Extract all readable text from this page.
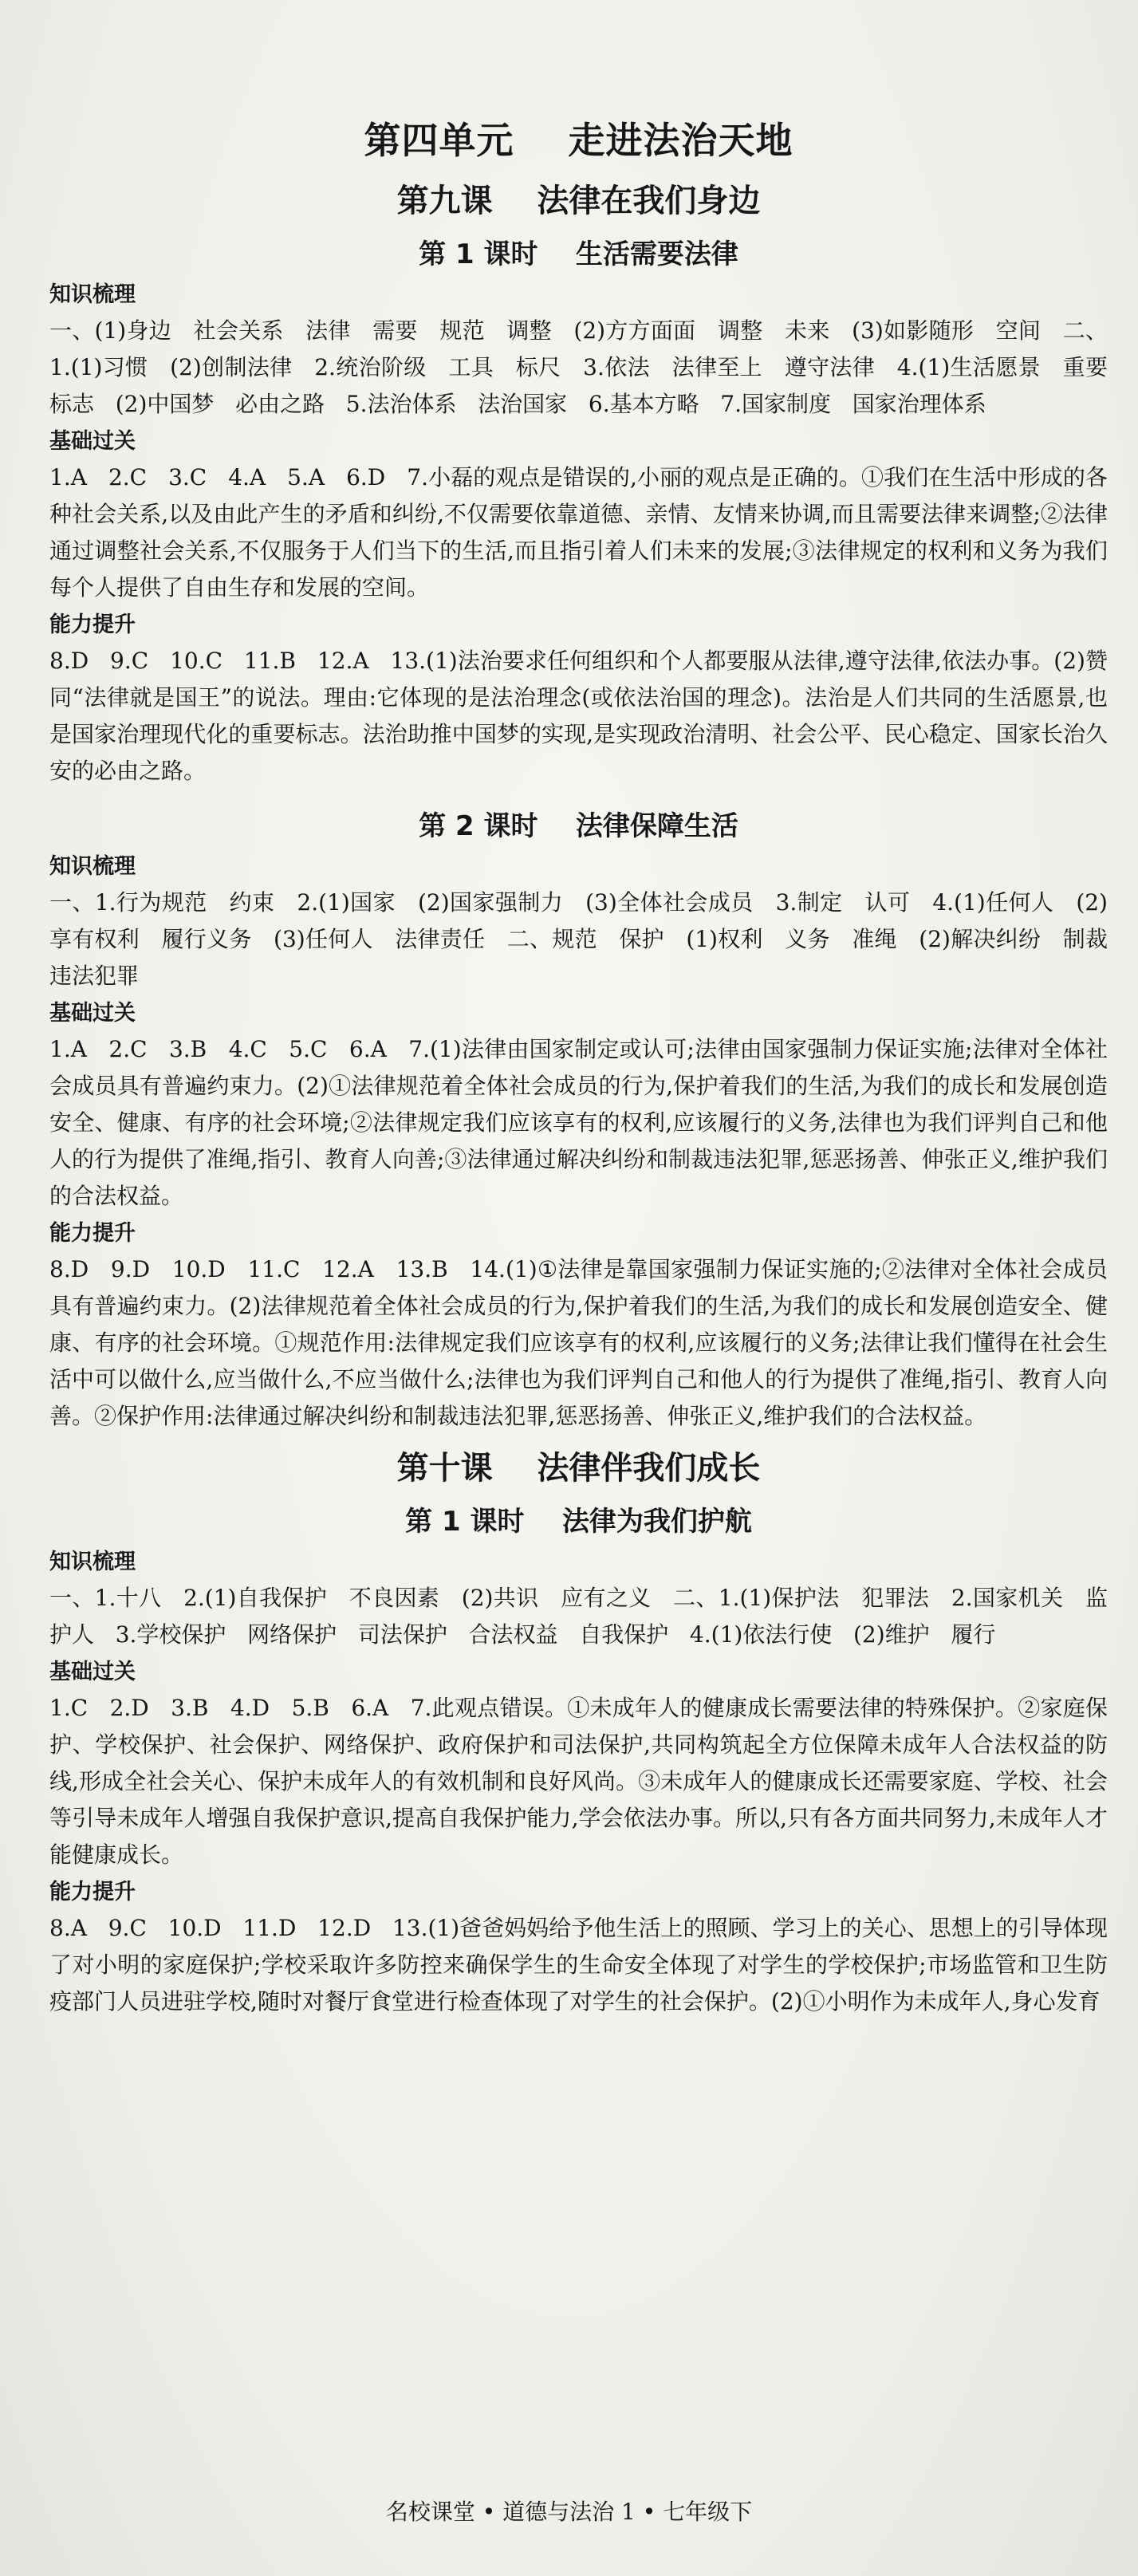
第四单元    走进法治天地
第九课    法律在我们身边
第 1 课时    生活需要法律
知识梳理

一、(1)身边   社会关系   法律   需要   规范   调整   (2)方方面面   调整   未来   (3)如影随形   空间   二、1.(1)习惯   (2)创制法律   2.统治阶级   工具   标尺   3.依法   法律至上   遵守法律   4.(1)生活愿景   重要标志   (2)中国梦   必由之路   5.法治体系   法治国家   6.基本方略   7.国家制度   国家治理体系

基础过关

1.A   2.C   3.C   4.A   5.A   6.D   7.小磊的观点是错误的,小丽的观点是正确的。①我们在生活中形成的各种社会关系,以及由此产生的矛盾和纠纷,不仅需要依靠道德、亲情、友情来协调,而且需要法律来调整;②法律通过调整社会关系,不仅服务于人们当下的生活,而且指引着人们未来的发展;③法律规定的权利和义务为我们每个人提供了自由生存和发展的空间。

能力提升

8.D   9.C   10.C   11.B   12.A   13.(1)法治要求任何组织和个人都要服从法律,遵守法律,依法办事。(2)赞同“法律就是国王”的说法。理由:它体现的是法治理念(或依法治国的理念)。法治是人们共同的生活愿景,也是国家治理现代化的重要标志。法治助推中国梦的实现,是实现政治清明、社会公平、民心稳定、国家长治久安的必由之路。

第 2 课时    法律保障生活
知识梳理

一、1.行为规范   约束   2.(1)国家   (2)国家强制力   (3)全体社会成员   3.制定   认可   4.(1)任何人   (2)享有权利   履行义务   (3)任何人   法律责任   二、规范   保护   (1)权利   义务   准绳   (2)解决纠纷   制裁违法犯罪

基础过关

1.A   2.C   3.B   4.C   5.C   6.A   7.(1)法律由国家制定或认可;法律由国家强制力保证实施;法律对全体社会成员具有普遍约束力。(2)①法律规范着全体社会成员的行为,保护着我们的生活,为我们的成长和发展创造安全、健康、有序的社会环境;②法律规定我们应该享有的权利,应该履行的义务,法律也为我们评判自己和他人的行为提供了准绳,指引、教育人向善;③法律通过解决纠纷和制裁违法犯罪,惩恶扬善、伸张正义,维护我们的合法权益。

能力提升

8.D   9.D   10.D   11.C   12.A   13.B   14.(1)①法律是靠国家强制力保证实施的;②法律对全体社会成员具有普遍约束力。(2)法律规范着全体社会成员的行为,保护着我们的生活,为我们的成长和发展创造安全、健康、有序的社会环境。①规范作用:法律规定我们应该享有的权利,应该履行的义务;法律让我们懂得在社会生活中可以做什么,应当做什么,不应当做什么;法律也为我们评判自己和他人的行为提供了准绳,指引、教育人向善。②保护作用:法律通过解决纠纷和制裁违法犯罪,惩恶扬善、伸张正义,维护我们的合法权益。

第十课    法律伴我们成长
第 1 课时    法律为我们护航
知识梳理

一、1.十八   2.(1)自我保护   不良因素   (2)共识   应有之义   二、1.(1)保护法   犯罪法   2.国家机关   监护人   3.学校保护   网络保护   司法保护   合法权益   自我保护   4.(1)依法行使   (2)维护   履行

基础过关

1.C   2.D   3.B   4.D   5.B   6.A   7.此观点错误。①未成年人的健康成长需要法律的特殊保护。②家庭保护、学校保护、社会保护、网络保护、政府保护和司法保护,共同构筑起全方位保障未成年人合法权益的防线,形成全社会关心、保护未成年人的有效机制和良好风尚。③未成年人的健康成长还需要家庭、学校、社会等引导未成年人增强自我保护意识,提高自我保护能力,学会依法办事。所以,只有各方面共同努力,未成年人才能健康成长。

能力提升

8.A   9.C   10.D   11.D   12.D   13.(1)爸爸妈妈给予他生活上的照顾、学习上的关心、思想上的引导体现了对小明的家庭保护;学校采取许多防控来确保学生的生命安全体现了对学生的学校保护;市场监管和卫生防疫部门人员进驻学校,随时对餐厅食堂进行检查体现了对学生的社会保护。(2)①小明作为未成年人,身心发育

名校课堂 • 道德与法治 1 • 七年级下
